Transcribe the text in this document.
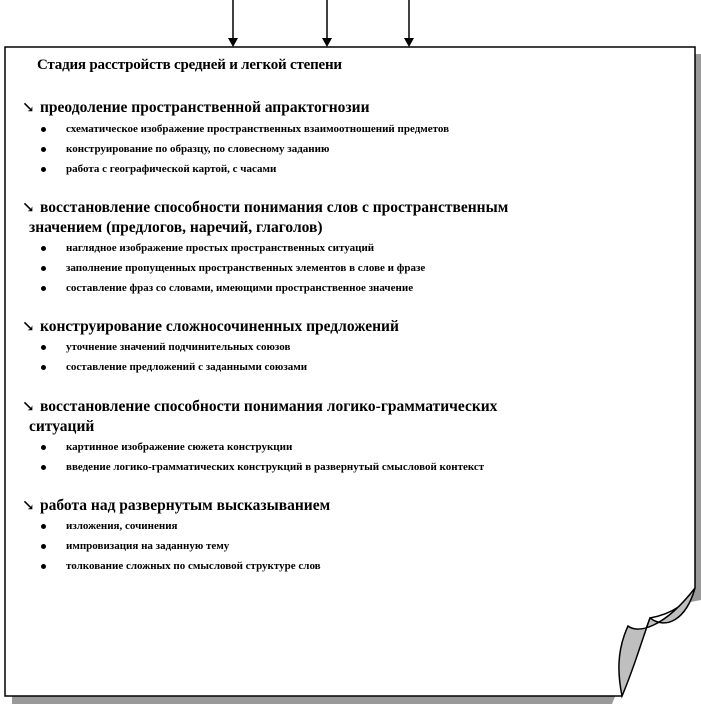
Стадия расстройств средней и легкой степени
↘ преодоление пространственной апрактогнозии
схематическое изображение пространственных взаимоотношений предметов
конструирование по образцу, по словесному заданию
работа с географической картой, с часами
↘ восстановление способности понимания слов с пространственным
значением (предлогов, наречий, глаголов)
наглядное изображение простых пространственных ситуаций
заполнение пропущенных пространственных элементов в слове и фразе
составление фраз со словами, имеющими пространственное значение
↘ конструирование сложносочиненных предложений
уточнение значений подчинительных союзов
составление предложений с заданными союзами
↘ восстановление способности понимания логико-грамматических
ситуаций
картинное изображение сюжета конструкции
введение логико-грамматических конструкций в развернутый смысловой контекст
↘ работа над развернутым высказыванием
изложения, сочинения
импровизация на заданную тему
толкование сложных по смысловой структуре слов
